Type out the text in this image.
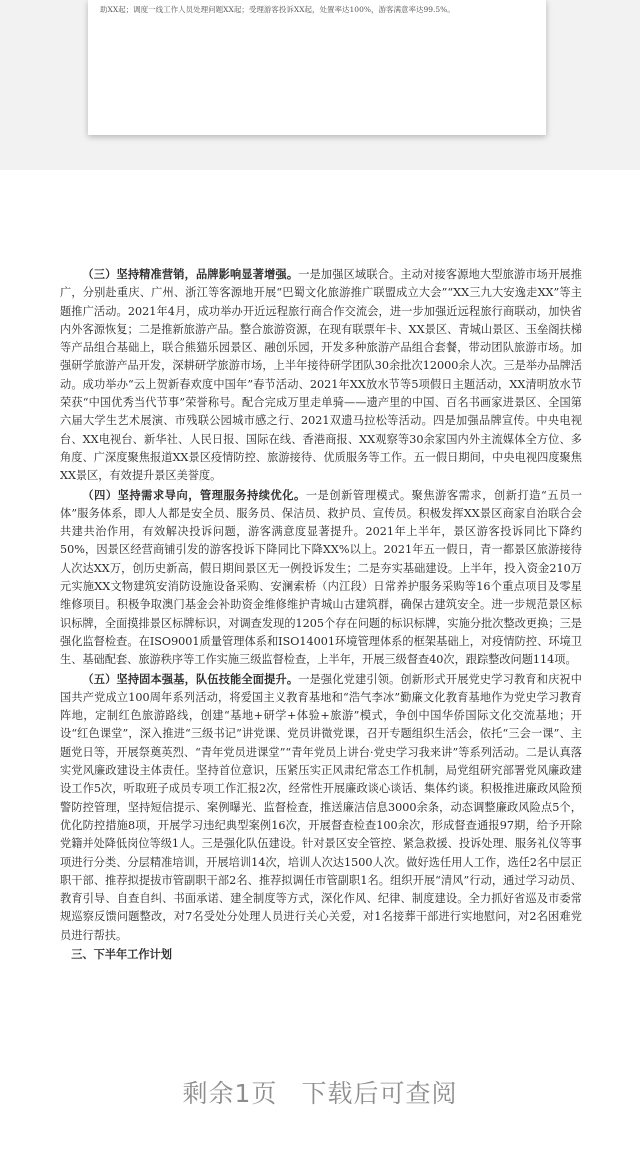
助XX起；调度一线工作人员处理问题XX起；受理游客投诉XX起，处置率达100%，游客满意率达99.5%。

（三）坚持精准营销，品牌影响显著增强。一是加强区域联合。主动对接客源地大型旅游市场开展推广，分别赴重庆、广州、浙江等客源地开展“巴蜀文化旅游推广联盟成立大会”“XX三九大安逸走XX”等主题推广活动。2021年4月，成功举办开近远程旅行商合作交流会，进一步加强近远程旅行商联动，加快省内外客源恢复；二是推新旅游产品。整合旅游资源，在现有联票年卡、XX景区、青城山景区、玉垒阁扶梯等产品组合基础上，联合熊猫乐园景区、融创乐园，开发多种旅游产品组合套餐，带动团队旅游市场。加强研学旅游产品开发，深耕研学旅游市场，上半年接待研学团队30余批次12000余人次。三是举办品牌活动。成功举办“云上贺新春欢度中国年”春节活动、2021年XX放水节等5项假日主题活动，XX清明放水节荣获“中国优秀当代节事”荣誉称号。配合完成万里走单骑——遗产里的中国、百名书画家进景区、全国第六届大学生艺术展演、市残联公园城市感之行、2021双遗马拉松等活动。四是加强品牌宣传。中央电视台、XX电视台、新华社、人民日报、国际在线、香港商报、XX观察等30余家国内外主流媒体全方位、多角度、广深度聚焦报道XX景区疫情防控、旅游接待、优质服务等工作。五一假日期间，中央电视四度聚焦XX景区，有效提升景区美誉度。

（四）坚持需求导向，管理服务持续优化。一是创新管理模式。聚焦游客需求，创新打造“五员一体”服务体系，即人人都是安全员、服务员、保洁员、救护员、宣传员。积极发挥XX景区商家自治联合会共建共治作用，有效解决投诉问题，游客满意度显著提升。2021年上半年，景区游客投诉同比下降约50%，因景区经营商铺引发的游客投诉下降同比下降XX%以上。2021年五一假日，青一都景区旅游接待人次达XX万，创历史新高，假日期间景区无一例投诉发生；二是夯实基础建设。上半年，投入资金210万元实施XX文物建筑安消防设施设备采购、安澜索桥（内江段）日常养护服务采购等16个重点项目及零星维修项目。积极争取澳门基金会补助资金维修维护青城山古建筑群，确保古建筑安全。进一步规范景区标识标牌，全面摸排景区标牌标识，对调查发现的1205个存在问题的标识标牌，实施分批次整改更换；三是强化监督检查。在ISO9001质量管理体系和ISO14001环境管理体系的框架基础上，对疫情防控、环境卫生、基础配套、旅游秩序等工作实施三级监督检查，上半年，开展三级督查40次，跟踪整改问题114项。

（五）坚持固本强基，队伍技能全面提升。一是强化党建引领。创新形式开展党史学习教育和庆祝中国共产党成立100周年系列活动，将爱国主义教育基地和“浩气李冰”勤廉文化教育基地作为党史学习教育阵地，定制红色旅游路线，创建“基地+研学+体验+旅游”模式，争创中国华侨国际文化交流基地；开设“红色课堂”，深入推进“三级书记”讲党课、党员讲微党课，召开专题组织生活会，依托“三会一课”、主题党日等，开展祭奠英烈、“青年党员进课堂”“青年党员上讲台·党史学习我来讲”等系列活动。二是认真落实党风廉政建设主体责任。坚持首位意识，压紧压实正风肃纪常态工作机制，局党组研究部署党风廉政建设工作5次，听取班子成员专项工作汇报2次，经常性开展廉政谈心谈话、集体约谈。积极推进廉政风险预警防控管理，坚持短信提示、案例曝光、监督检查，推送廉洁信息3000余条，动态调整廉政风险点5个，优化防控措施8项，开展学习违纪典型案例16次，开展督查检查100余次，形成督查通报97期，给予开除党籍并处降低岗位等级1人。三是强化队伍建设。针对景区安全管控、紧急救援、投诉处理、服务礼仪等事项进行分类、分层精准培训，开展培训14次，培训人次达1500人次。做好选任用人工作，选任2名中层正职干部、推荐拟提拔市管副职干部2名、推荐拟调任市管副职1名。组织开展“清风”行动，通过学习动员、教育引导、自查自纠、书面承诺、建全制度等方式，深化作风、纪律、制度建设。全力抓好省巡及市委常规巡察反馈问题整改，对7名受处分处理人员进行关心关爱，对1名接葬干部进行实地慰问，对2名困难党员进行帮扶。

三、下半年工作计划

剩余1页 下载后可查阅
